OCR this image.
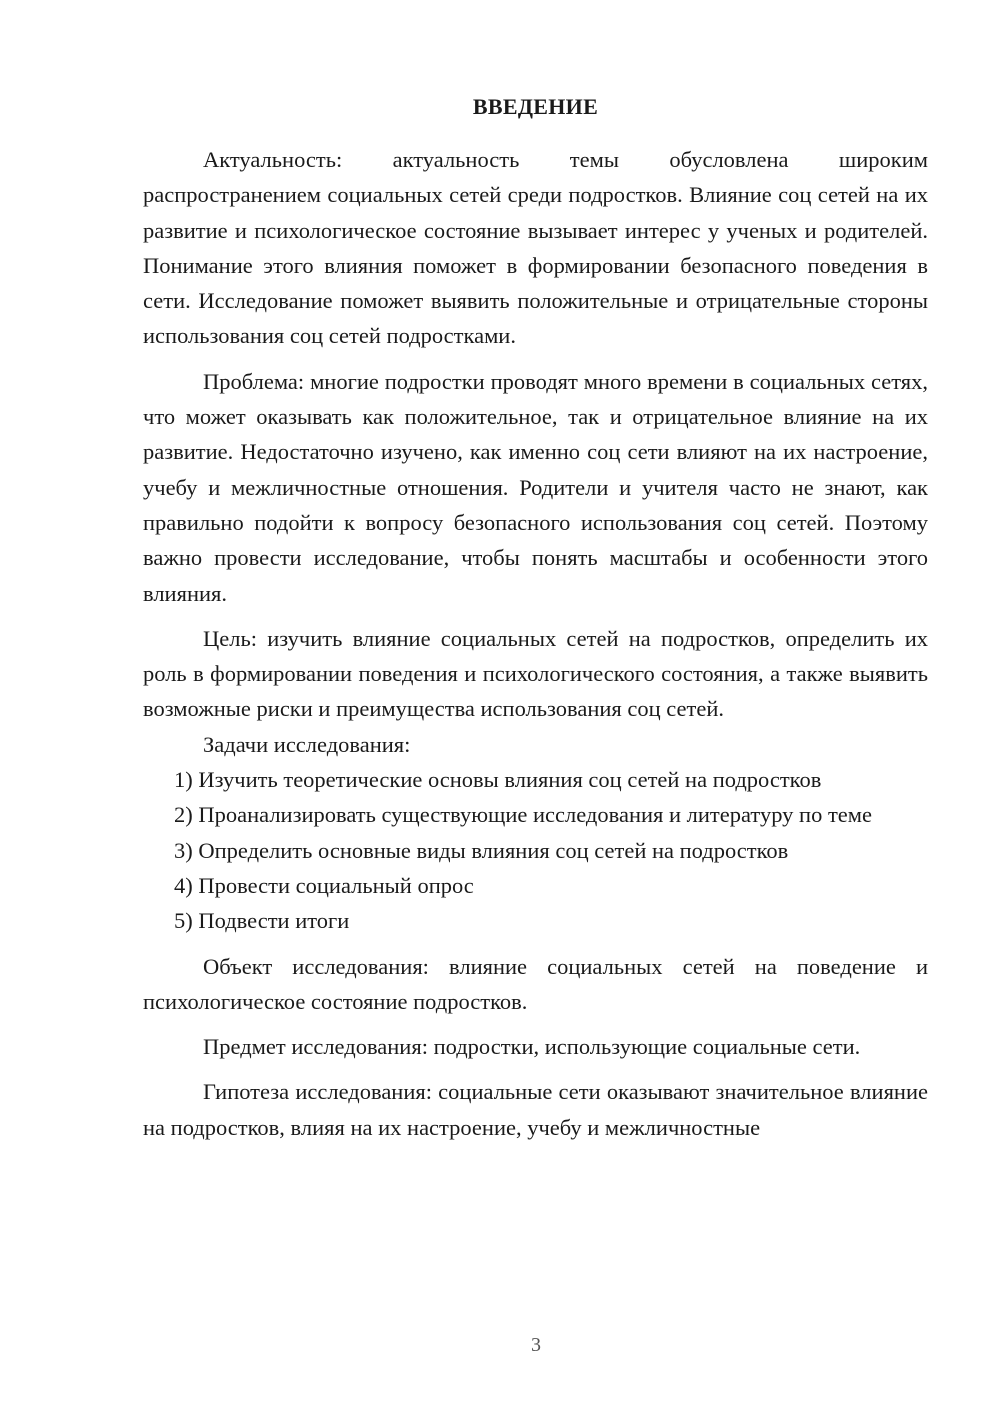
ВВЕДЕНИЕ

Актуальность: актуальность темы обусловлена широким распространением социальных сетей среди подростков. Влияние соц сетей на их развитие и психологическое состояние вызывает интерес у ученых и родителей. Понимание этого влияния поможет в формировании безопасного поведения в сети. Исследование поможет выявить положительные и отрицательные стороны использования соц сетей подростками.

Проблема: многие подростки проводят много времени в социальных сетях, что может оказывать как положительное, так и отрицательное влияние на их развитие. Недостаточно изучено, как именно соц сети влияют на их настроение, учебу и межличностные отношения. Родители и учителя часто не знают, как правильно подойти к вопросу безопасного использования соц сетей. Поэтому важно провести исследование, чтобы понять масштабы и особенности этого влияния.

Цель: изучить влияние социальных сетей на подростков, определить их роль в формировании поведения и психологического состояния, а также выявить возможные риски и преимущества использования соц сетей.

Задачи исследования:

1) Изучить теоретические основы влияния соц сетей на подростков

2) Проанализировать существующие исследования и литературу по теме

3) Определить основные виды влияния соц сетей на подростков

4) Провести социальный опрос

5) Подвести итоги

Объект исследования: влияние социальных сетей на поведение и психологическое состояние подростков.

Предмет исследования: подростки, использующие социальные сети.

Гипотеза исследования: социальные сети оказывают значительное влияние на подростков, влияя на их настроение, учебу и межличностные

3
